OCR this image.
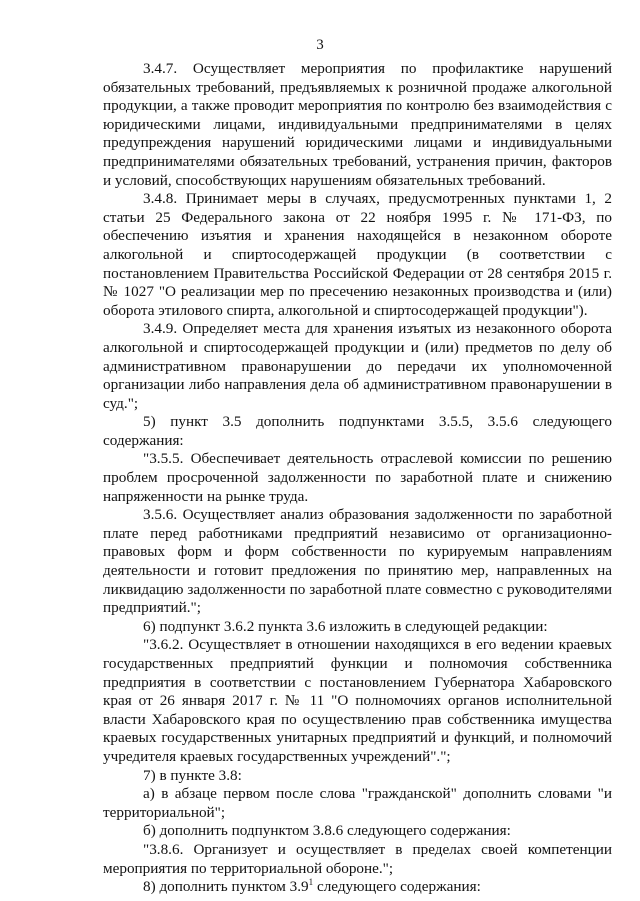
3

3.4.7. Осуществляет мероприятия по профилактике нарушений обязательных требований, предъявляемых к розничной продаже алкогольной продукции, а также проводит мероприятия по контролю без взаимодействия с юридическими лицами, индивидуальными предпринимателями в целях предупреждения нарушений юридическими лицами и индивидуальными предпринимателями обязательных требований, устранения причин, факторов и условий, способствующих нарушениям обязательных требований.

3.4.8. Принимает меры в случаях, предусмотренных пунктами 1, 2 статьи 25 Федерального закона от 22 ноября 1995 г. № 171-ФЗ, по обеспечению изъятия и хранения находящейся в незаконном обороте алкогольной и спиртосодержащей продукции (в соответствии с постановлением Правительства Российской Федерации от 28 сентября 2015 г. № 1027 "О реализации мер по пресечению незаконных производства и (или) оборота этилового спирта, алкогольной и спиртосодержащей продукции").

3.4.9. Определяет места для хранения изъятых из незаконного оборота алкогольной и спиртосодержащей продукции и (или) предметов по делу об административном правонарушении до передачи их уполномоченной организации либо направления дела об административном правонарушении в суд.";

5) пункт 3.5 дополнить подпунктами 3.5.5, 3.5.6 следующего содержания:

"3.5.5. Обеспечивает деятельность отраслевой комиссии по решению проблем просроченной задолженности по заработной плате и снижению напряженности на рынке труда.

3.5.6. Осуществляет анализ образования задолженности по заработной плате перед работниками предприятий независимо от организационно-правовых форм и форм собственности по курируемым направлениям деятельности и готовит предложения по принятию мер, направленных на ликвидацию задолженности по заработной плате совместно с руководителями предприятий.";

6) подпункт 3.6.2 пункта 3.6 изложить в следующей редакции:

"3.6.2. Осуществляет в отношении находящихся в его ведении краевых государственных предприятий функции и полномочия собственника предприятия в соответствии с постановлением Губернатора Хабаровского края от 26 января 2017 г. № 11 "О полномочиях органов исполнительной власти Хабаровского края по осуществлению прав собственника имущества краевых государственных унитарных предприятий и функций, и полномочий учредителя краевых государственных учреждений".";

7) в пункте 3.8:

а) в абзаце первом после слова "гражданской" дополнить словами "и территориальной";

б) дополнить подпунктом 3.8.6 следующего содержания:

"3.8.6. Организует и осуществляет в пределах своей компетенции мероприятия по территориальной обороне.";

8) дополнить пунктом $3.9^1$ следующего содержания:
